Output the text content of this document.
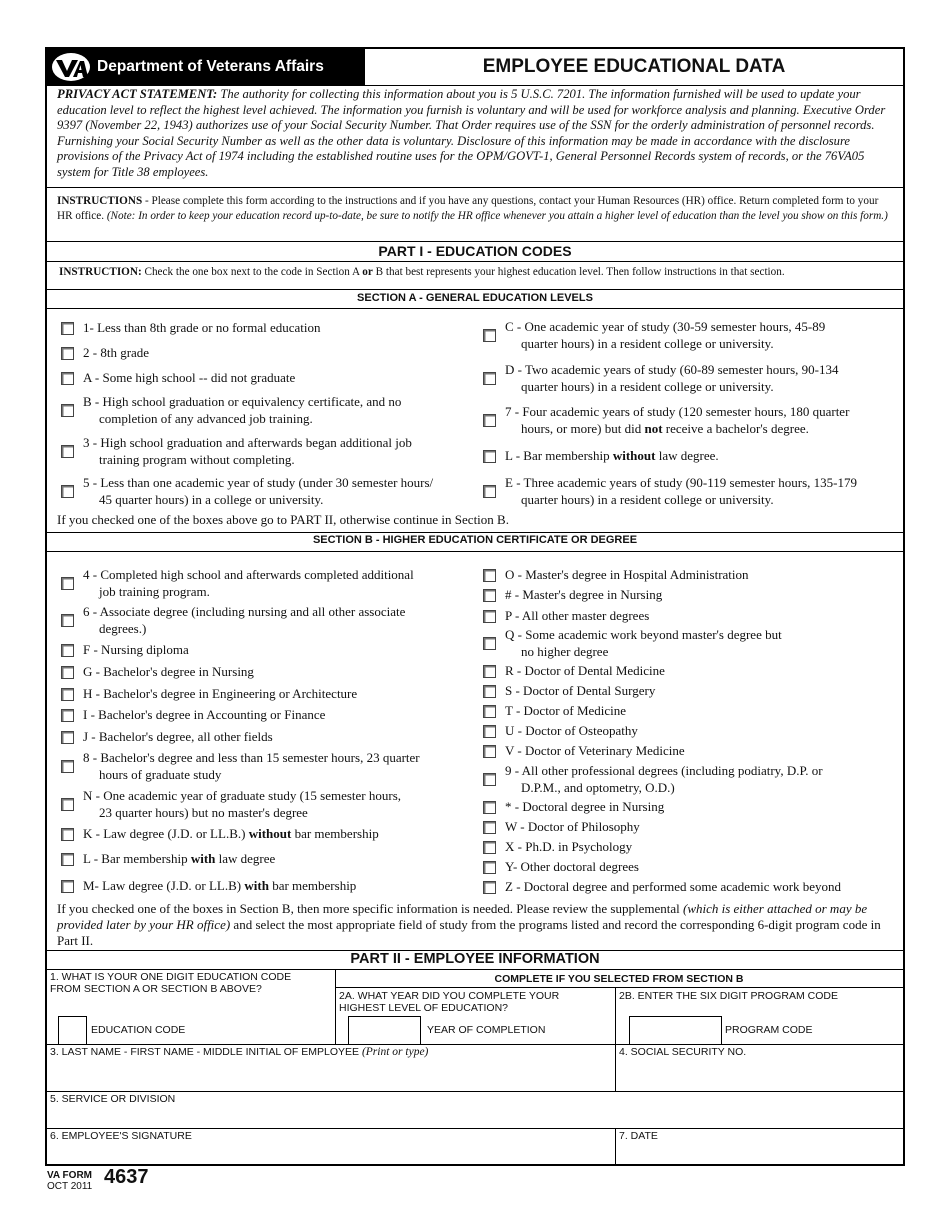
Department of Veterans Affairs	EMPLOYEE EDUCATIONAL DATA
PRIVACY ACT STATEMENT: The authority for collecting this information about you is 5 U.S.C. 7201. The information furnished will be used to update your education level to reflect the highest level achieved. The information you furnish is voluntary and will be used for workforce analysis and planning. Executive Order 9397 (November 22, 1943) authorizes use of your Social Security Number. That Order requires use of the SSN for the orderly administration of personnel records. Furnishing your Social Security Number as well as the other data is voluntary. Disclosure of this information may be made in accordance with the disclosure provisions of the Privacy Act of 1974 including the established routine uses for the OPM/GOVT-1, General Personnel Records system of records, or the 76VA05 system for Title 38 employees.
INSTRUCTIONS - Please complete this form according to the instructions and if you have any questions, contact your Human Resources (HR) office. Return completed form to your HR office. (Note: In order to keep your education record up-to-date, be sure to notify the HR office whenever you attain a higher level of education than the level you show on this form.)
PART I - EDUCATION CODES
INSTRUCTION: Check the one box next to the code in Section A or B that best represents your highest education level. Then follow instructions in that section.
SECTION A - GENERAL EDUCATION LEVELS
1- Less than 8th grade or no formal education
2 - 8th grade
A - Some high school -- did not graduate
B - High school graduation or equivalency certificate, and no
completion of any advanced job training.
3 - High school graduation and afterwards began additional job
training program without completing.
5 - Less than one academic year of study (under 30 semester hours/
45 quarter hours) in a college or university.
C - One academic year of study (30-59 semester hours, 45-89
quarter hours) in a resident college or university.
D - Two academic years of study (60-89 semester hours, 90-134
quarter hours) in a resident college or university.
7 - Four academic years of study (120 semester hours, 180 quarter
hours, or more) but did not receive a bachelor's degree.
L - Bar membership without law degree.
E - Three academic years of study (90-119 semester hours, 135-179
quarter hours) in a resident college or university.
If you checked one of the boxes above go to PART II, otherwise continue in Section B.
SECTION B - HIGHER EDUCATION CERTIFICATE OR DEGREE
4 - Completed high school and afterwards completed additional
job training program.
6 - Associate degree (including nursing and all other associate
degrees.)
F - Nursing diploma
G - Bachelor's degree in Nursing
H - Bachelor's degree in Engineering or Architecture
I - Bachelor's degree in Accounting or Finance
J - Bachelor's degree, all other fields
8 - Bachelor's degree and less than 15 semester hours, 23 quarter
hours of graduate study
N - One academic year of graduate study (15 semester hours,
23 quarter hours) but no master's degree
K - Law degree (J.D. or LL.B.) without bar membership
L - Bar membership with law degree
M- Law degree (J.D. or LL.B) with bar membership
O - Master's degree in Hospital Administration
# - Master's degree in Nursing
P - All other master degrees
Q - Some academic work beyond master's degree but
no higher degree
R - Doctor of Dental Medicine
S - Doctor of Dental Surgery
T - Doctor of Medicine
U - Doctor of Osteopathy
V - Doctor of Veterinary Medicine
9 - All other professional degrees (including podiatry, D.P. or
D.P.M., and optometry, O.D.)
* - Doctoral degree in Nursing
W - Doctor of Philosophy
X - Ph.D. in Psychology
Y- Other doctoral degrees
Z - Doctoral degree and performed some academic work beyond
If you checked one of the boxes in Section B, then more specific information is needed. Please review the supplemental (which is either attached or may be provided later by your HR office) and select the most appropriate field of study from the programs listed and record the corresponding 6-digit program code in Part II.
PART II - EMPLOYEE INFORMATION
1. WHAT IS YOUR ONE DIGIT EDUCATION CODE FROM SECTION A OR SECTION B ABOVE?
COMPLETE IF YOU SELECTED FROM SECTION B
2A. WHAT YEAR DID YOU COMPLETE YOUR HIGHEST LEVEL OF EDUCATION?
2B. ENTER THE SIX DIGIT PROGRAM CODE
EDUCATION CODE	YEAR OF COMPLETION	PROGRAM CODE
3. LAST NAME - FIRST NAME - MIDDLE INITIAL OF EMPLOYEE (Print or type)	4. SOCIAL SECURITY NO.
5. SERVICE OR DIVISION
6. EMPLOYEE'S SIGNATURE	7. DATE
VA FORM
OCT 2011 4637
